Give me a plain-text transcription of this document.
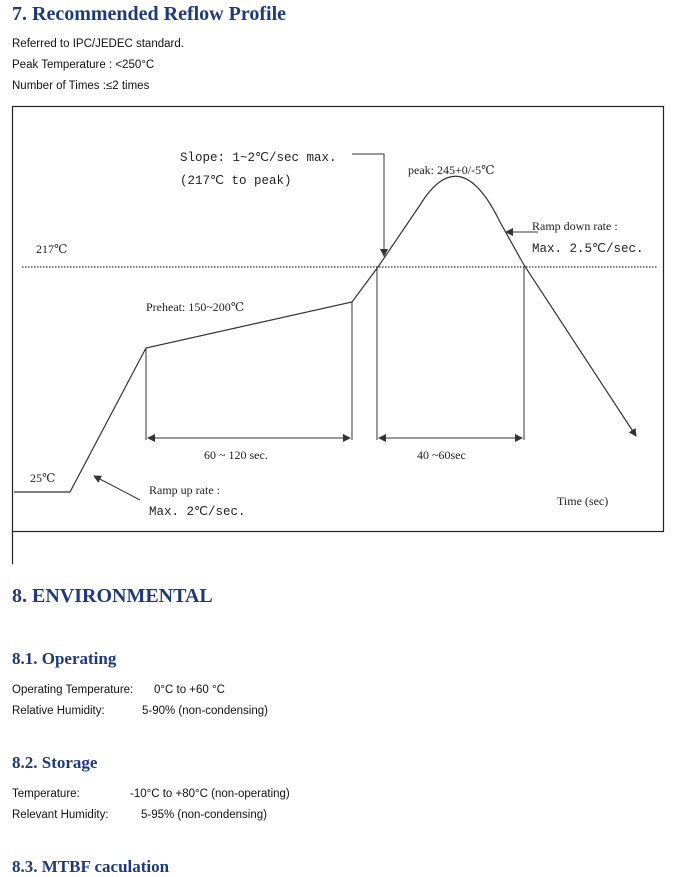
7. Recommended Reflow Profile

Referred to IPC/JEDEC standard.

Peak Temperature : <250°C

Number of Times :≤2 times

217℃
25℃
Slope: 1~2℃/sec max.
(217℃ to peak)
peak: 245+0/-5℃
Ramp down rate :
Max. 2.5℃/sec.
Preheat: 150~200℃
60 ~ 120 sec.	40 ~60sec
Ramp up rate :
Max. 2℃/sec.
Time (sec)
8. ENVIRONMENTAL
8.1. Operating
Operating Temperature: 0°C to +60 °C
Relative Humidity:	5-90% (non-condensing)
8.2. Storage
Temperature:	-10°C to +80°C (non-operating)
Relevant Humidity:	5-95% (non-condensing)
8.3. MTBF caculation
